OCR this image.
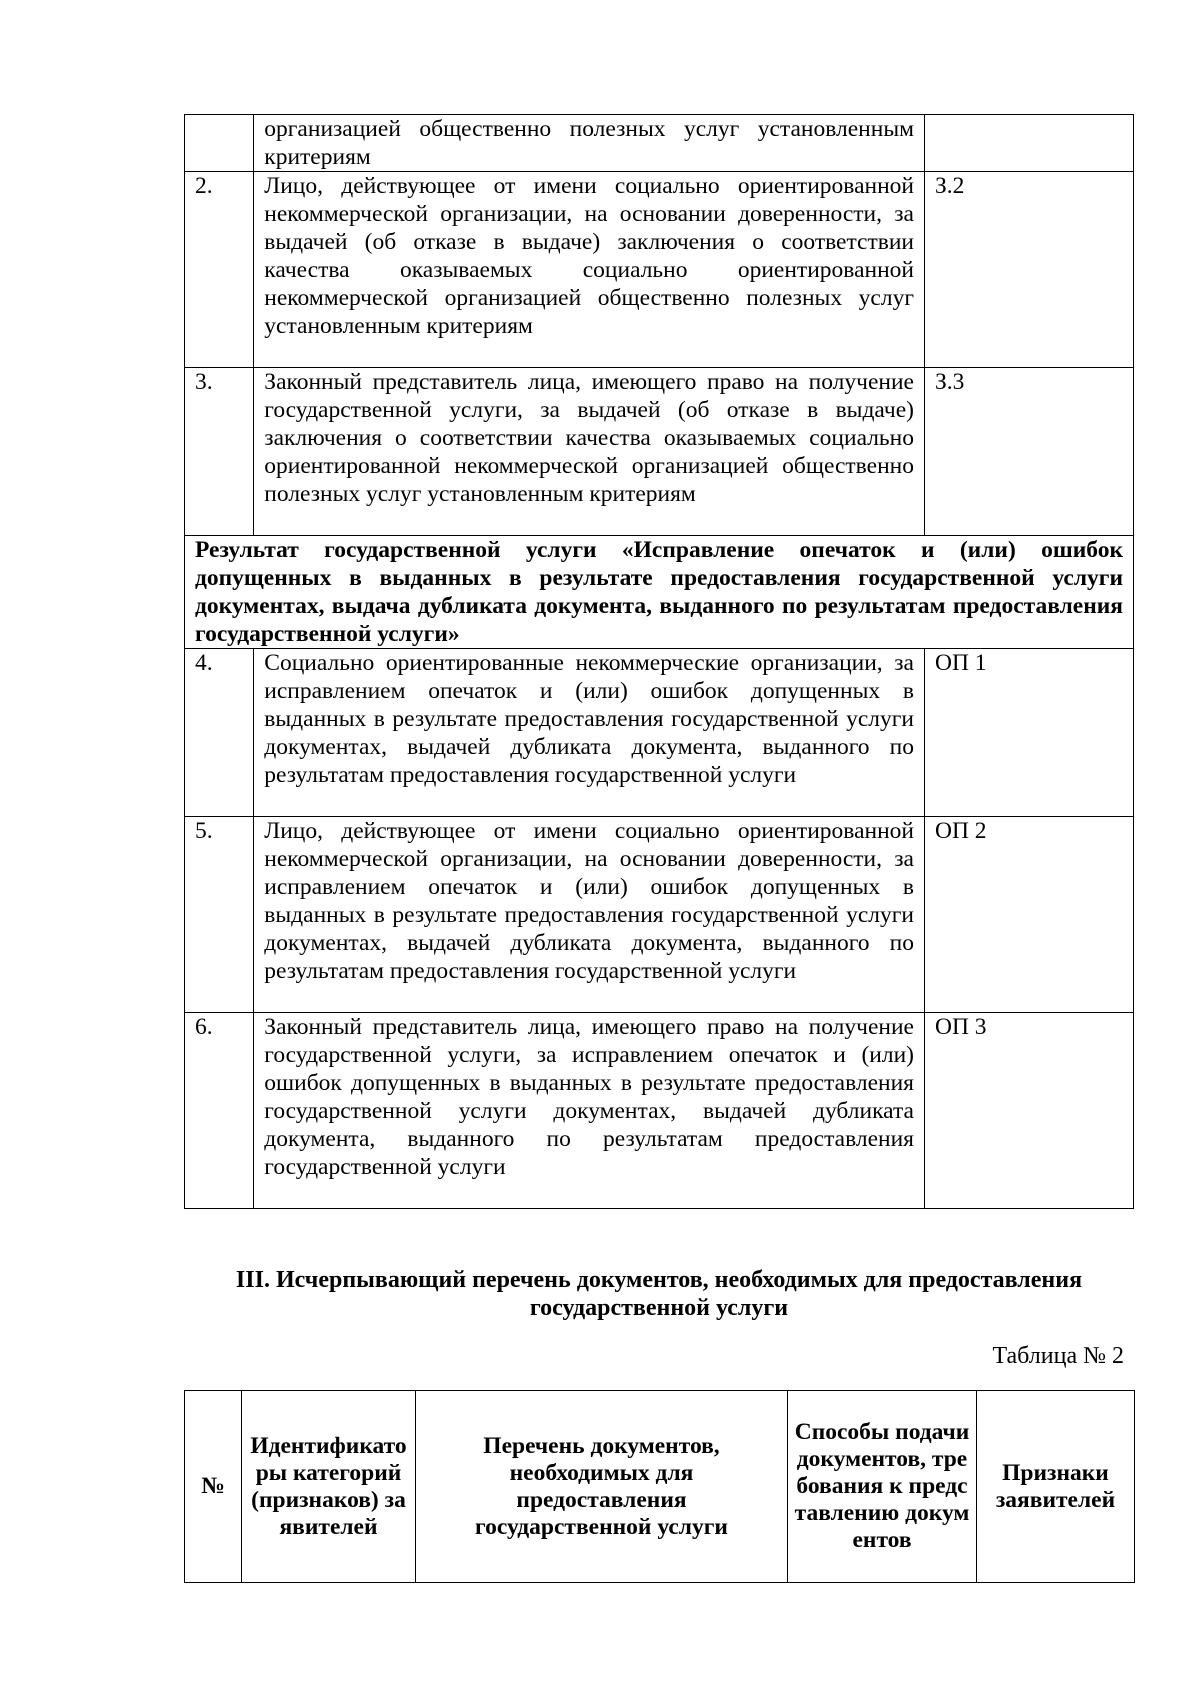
	организацией общественно полезных услуг установленным критериям	
2.	Лицо, действующее от имени социально ориентированной некоммерческой организации, на основании доверенности, за выдачей (об отказе в выдаче) заключения о соответствии качества оказываемых социально ориентированной некоммерческой организацией общественно полезных услуг установленным критериям	З.2
3.	Законный представитель лица, имеющего право на получение государственной услуги, за выдачей (об отказе в выдаче) заключения о соответствии качества оказываемых социально ориентированной некоммерческой организацией общественно полезных услуг установленным критериям	З.3
Результат государственной услуги «Исправление опечаток и (или) ошибок допущенных в выданных в результате предоставления государственной услуги документах, выдача дубликата документа, выданного по результатам предоставления государственной услуги»		
4.	Социально ориентированные некоммерческие организации, за исправлением опечаток и (или) ошибок допущенных в выданных в результате предоставления государственной услуги документах, выдачей дубликата документа, выданного по результатам предоставления государственной услуги	ОП 1
5.	Лицо, действующее от имени социально ориентированной некоммерческой организации, на основании доверенности, за исправлением опечаток и (или) ошибок допущенных в выданных в результате предоставления государственной услуги документах, выдачей дубликата документа, выданного по результатам предоставления государственной услуги	ОП 2
6.	Законный представитель лица, имеющего право на получение государственной услуги, за исправлением опечаток и (или) ошибок допущенных в выданных в результате предоставления государственной услуги документах, выдачей дубликата документа, выданного по результатам предоставления государственной услуги	ОП 3
III. Исчерпывающий перечень документов, необходимых для предоставления государственной услуги
Таблица № 2
№	Идентификаторы категорий (признаков) заявителей	Перечень документов, необходимых для предоставления государственной услуги	Способы подачи документов, требования к представлению документов	Признаки заявителей
